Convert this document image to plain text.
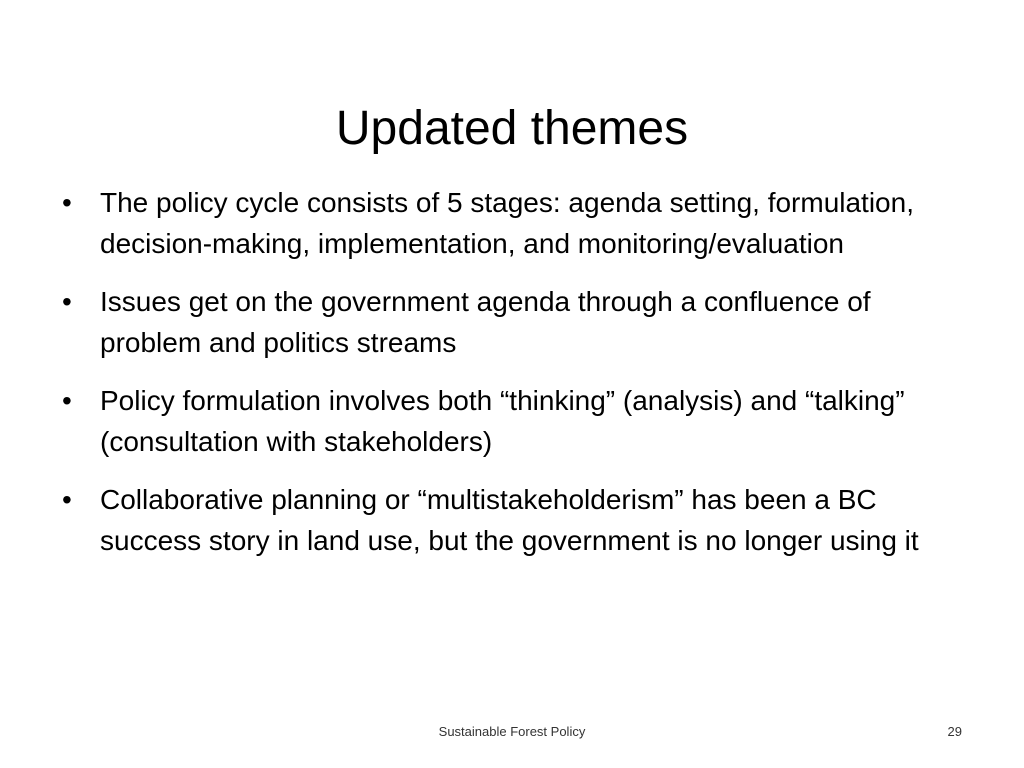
Updated themes
•	The policy cycle consists of 5 stages: agenda setting, formulation, decision-making, implementation, and monitoring/evaluation
•	Issues get on the government agenda through a confluence of problem and politics streams
•	Policy formulation involves both “thinking” (analysis) and “talking” (consultation with stakeholders)
•	Collaborative planning or “multistakeholderism” has been a BC success story in land use, but the government is no longer using it
Sustainable Forest Policy	29
